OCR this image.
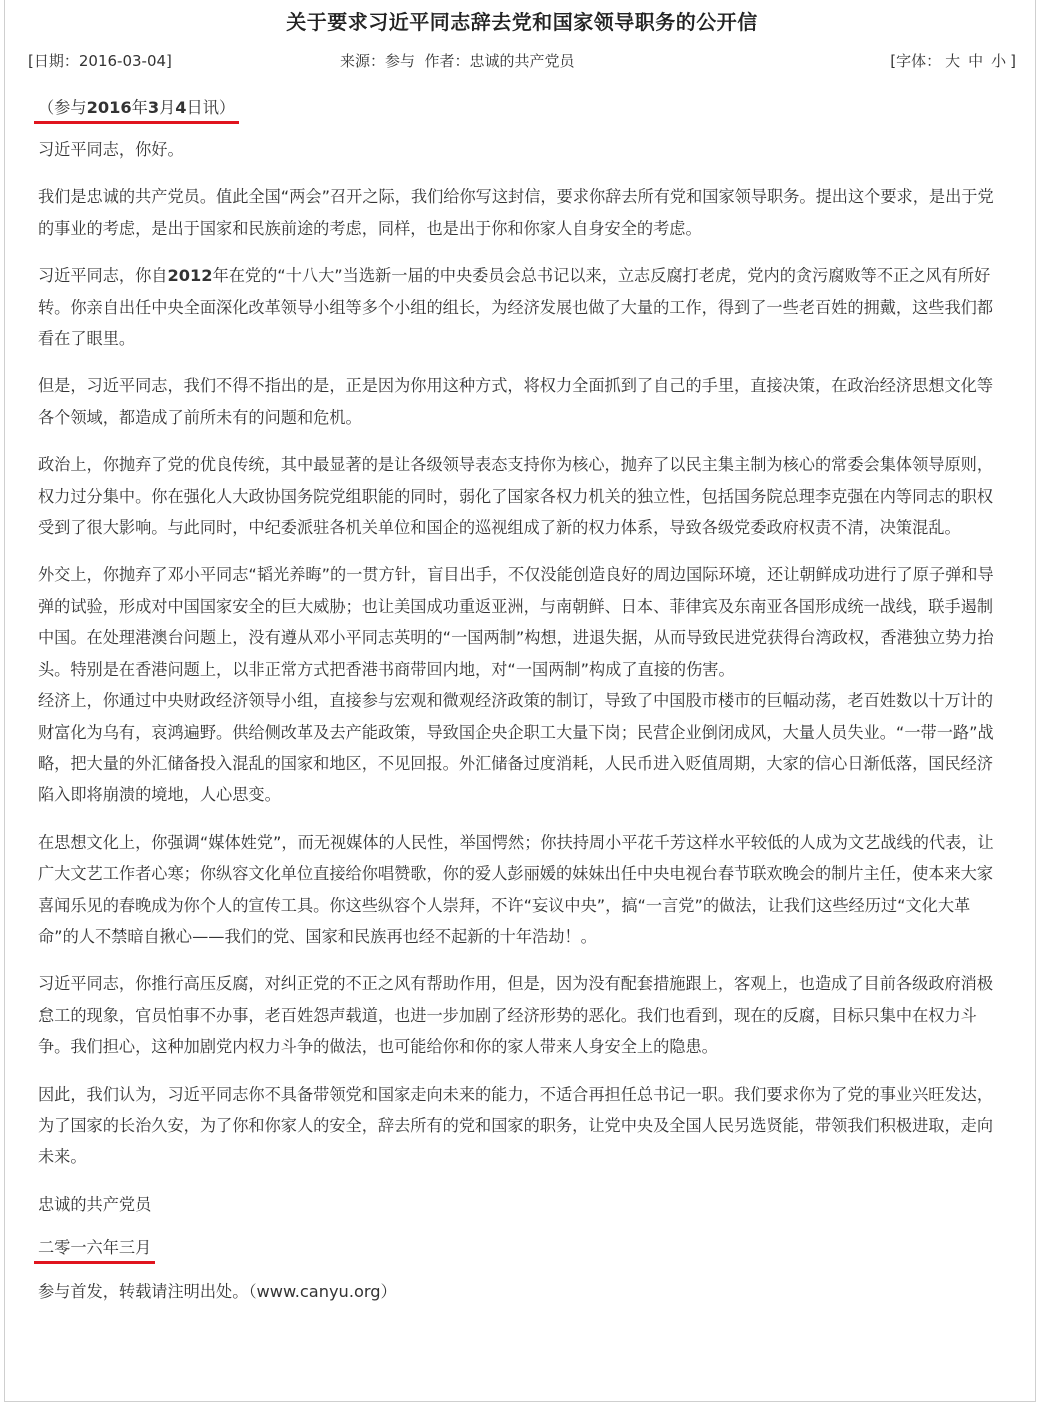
关于要求习近平同志辞去党和国家领导职务的公开信
[日期：2016-03-04]	来源：参与  作者：忠诚的共产党员	[字体： 大 中 小 ]

（参与2016年3月4日讯）

习近平同志，你好。

我们是忠诚的共产党员。值此全国“两会”召开之际，我们给你写这封信，要求你辞去所有党和国家领导职务。提出这个要求，是出于党的事业的考虑，是出于国家和民族前途的考虑，同样，也是出于你和你家人自身安全的考虑。

习近平同志，你自2012年在党的“十八大”当选新一届的中央委员会总书记以来，立志反腐打老虎，党内的贪污腐败等不正之风有所好转。你亲自出任中央全面深化改革领导小组等多个小组的组长，为经济发展也做了大量的工作，得到了一些老百姓的拥戴，这些我们都看在了眼里。

但是，习近平同志，我们不得不指出的是，正是因为你用这种方式，将权力全面抓到了自己的手里，直接决策，在政治经济思想文化等各个领域，都造成了前所未有的问题和危机。

政治上，你抛弃了党的优良传统，其中最显著的是让各级领导表态支持你为核心，抛弃了以民主集主制为核心的常委会集体领导原则，权力过分集中。你在强化人大政协国务院党组职能的同时，弱化了国家各权力机关的独立性，包括国务院总理李克强在内等同志的职权受到了很大影响。与此同时，中纪委派驻各机关单位和国企的巡视组成了新的权力体系，导致各级党委政府权责不清，决策混乱。

外交上，你抛弃了邓小平同志“韬光养晦”的一贯方针，盲目出手，不仅没能创造良好的周边国际环境，还让朝鲜成功进行了原子弹和导弹的试验，形成对中国国家安全的巨大威胁；也让美国成功重返亚洲，与南朝鲜、日本、菲律宾及东南亚各国形成统一战线，联手遏制中国。在处理港澳台问题上，没有遵从邓小平同志英明的“一国两制”构想，进退失据，从而导致民进党获得台湾政权，香港独立势力抬头。特别是在香港问题上，以非正常方式把香港书商带回内地，对“一国两制”构成了直接的伤害。

经济上，你通过中央财政经济领导小组，直接参与宏观和微观经济政策的制订，导致了中国股市楼市的巨幅动荡，老百姓数以十万计的财富化为乌有，哀鸿遍野。供给侧改革及去产能政策，导致国企央企职工大量下岗；民营企业倒闭成风，大量人员失业。“一带一路”战略，把大量的外汇储备投入混乱的国家和地区，不见回报。外汇储备过度消耗，人民币进入贬值周期，大家的信心日渐低落，国民经济陷入即将崩溃的境地，人心思变。

在思想文化上，你强调“媒体姓党”，而无视媒体的人民性，举国愕然；你扶持周小平花千芳这样水平较低的人成为文艺战线的代表，让广大文艺工作者心寒；你纵容文化单位直接给你唱赞歌，你的爱人彭丽媛的妹妹出任中央电视台春节联欢晚会的制片主任，使本来大家喜闻乐见的春晚成为你个人的宣传工具。你这些纵容个人崇拜，不许“妄议中央”，搞“一言党”的做法，让我们这些经历过“文化大革命”的人不禁暗自揪心——我们的党、国家和民族再也经不起新的十年浩劫！。

习近平同志，你推行高压反腐，对纠正党的不正之风有帮助作用，但是，因为没有配套措施跟上，客观上，也造成了目前各级政府消极怠工的现象，官员怕事不办事，老百姓怨声载道，也进一步加剧了经济形势的恶化。我们也看到，现在的反腐，目标只集中在权力斗争。我们担心，这种加剧党内权力斗争的做法，也可能给你和你的家人带来人身安全上的隐患。

因此，我们认为，习近平同志你不具备带领党和国家走向未来的能力，不适合再担任总书记一职。我们要求你为了党的事业兴旺发达，为了国家的长治久安，为了你和你家人的安全，辞去所有的党和国家的职务，让党中央及全国人民另选贤能，带领我们积极进取，走向未来。

忠诚的共产党员

二零一六年三月

参与首发，转载请注明出处。（www.canyu.org）
